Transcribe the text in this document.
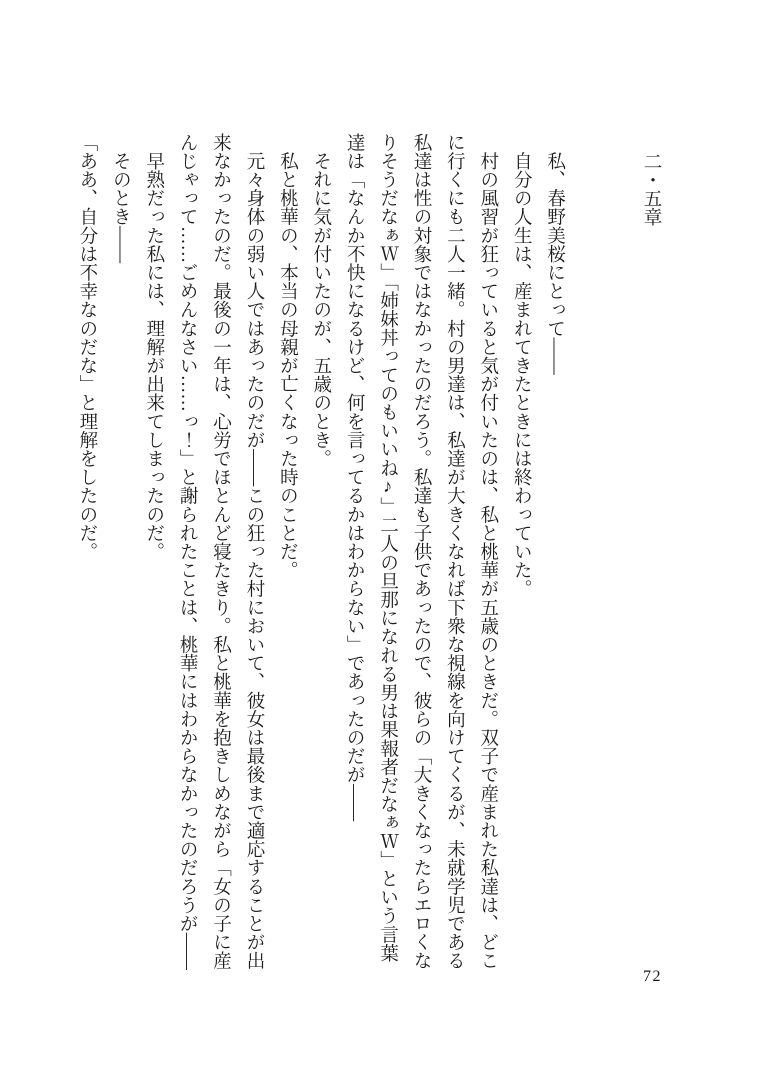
二・五章

　私、春野美桜にとって——

　自分の人生は、産まれてきたときには終わっていた。

　村の風習が狂っていると気が付いたのは、私と桃華が五歳のときだ。双子で産まれた私達は、どこ

に行くにも二人一緒。村の男達は、私達が大きくなれば下衆な視線を向けてくるが、未就学児である

私達は性の対象ではなかったのだろう。私達も子供であったので、彼らの「大きくなったらエロくな

りそうだなぁＷ」「姉妹丼ってのもいいね♪」二人の旦那になれる男は果報者だなぁＷ」という言葉

達は「なんか不快になるけど、何を言ってるかはわからない」であったのだが——

　それに気が付いたのが、五歳のとき。

　私と桃華の、本当の母親が亡くなった時のことだ。

　元々身体の弱い人ではあったのだが——この狂った村において、彼女は最後まで適応することが出

来なかったのだ。最後の一年は、心労でほとんど寝たきり。私と桃華を抱きしめながら「女の子に産

んじゃって……ごめんなさい……っ！」と謝られたことは、桃華にはわからなかったのだろうが——

　早熟だった私には、理解が出来てしまったのだ。

　そのとき——

「ああ、自分は不幸なのだな」と理解をしたのだ。

72
